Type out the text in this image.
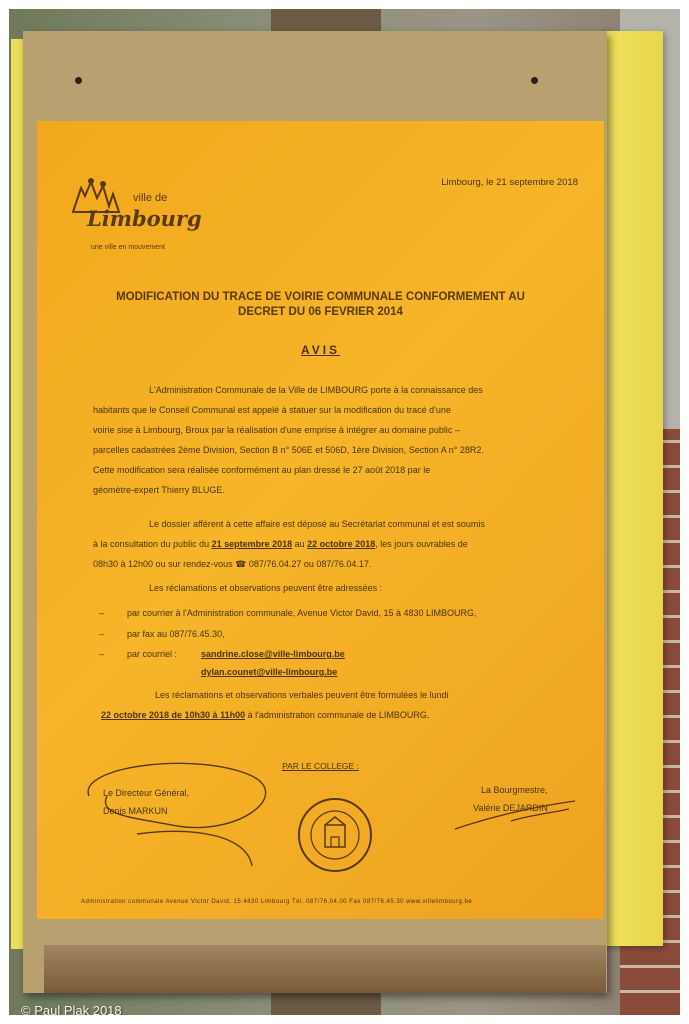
ville de
Limbourg
une ville en mouvement

Limbourg, le 21 septembre 2018

MODIFICATION DU TRACE DE VOIRIE COMMUNALE CONFORMEMENT AU

DECRET DU 06 FEVRIER 2014

AVIS

L'Administration Communale de la Ville de LIMBOURG porte à la connaissance des

habitants que le Conseil Communal est appelé à statuer sur la modification du tracé d'une

voirie sise à Limbourg, Broux par la réalisation d'une emprise à intégrer au domaine public –

parcelles cadastrées 2ème Division, Section B n° 506E et 506D, 1ère Division, Section A n° 28R2.

Cette modification sera réalisée conformément au plan dressé le 27 août 2018 par le

géomètre-expert Thierry BLUGE.

Le dossier afférent à cette affaire est déposé au Secrétariat communal et est soumis

à la consultation du public du 21 septembre 2018 au 22 octobre 2018, les jours ouvrables de

08h30 à 12h00 ou sur rendez-vous ☎ 087/76.04.27 ou 087/76.04.17.

Les réclamations et observations peuvent être adressées :

–

–

–

par courrier à l'Administration communale, Avenue Victor David, 15 à 4830 LIMBOURG,

par fax au 087/76.45.30,

par courriel :	sandrine.close@ville-limbourg.be

dylan.counet@ville-limbourg.be

Les réclamations et observations verbales peuvent être formulées le lundi

22 octobre 2018 de 10h30 à 11h00 à l'administration communale de LIMBOURG.

PAR LE COLLEGE :

Le Directeur Général,

Denis MARKUN

La Bourgmestre,

Valérie DEJARDIN

Administration communale Avenue Victor David, 15 4830 Limbourg Tél. 087/76.04.00 Fax 087/76.45.30 www.villelimbourg.be

© Paul Plak 2018
